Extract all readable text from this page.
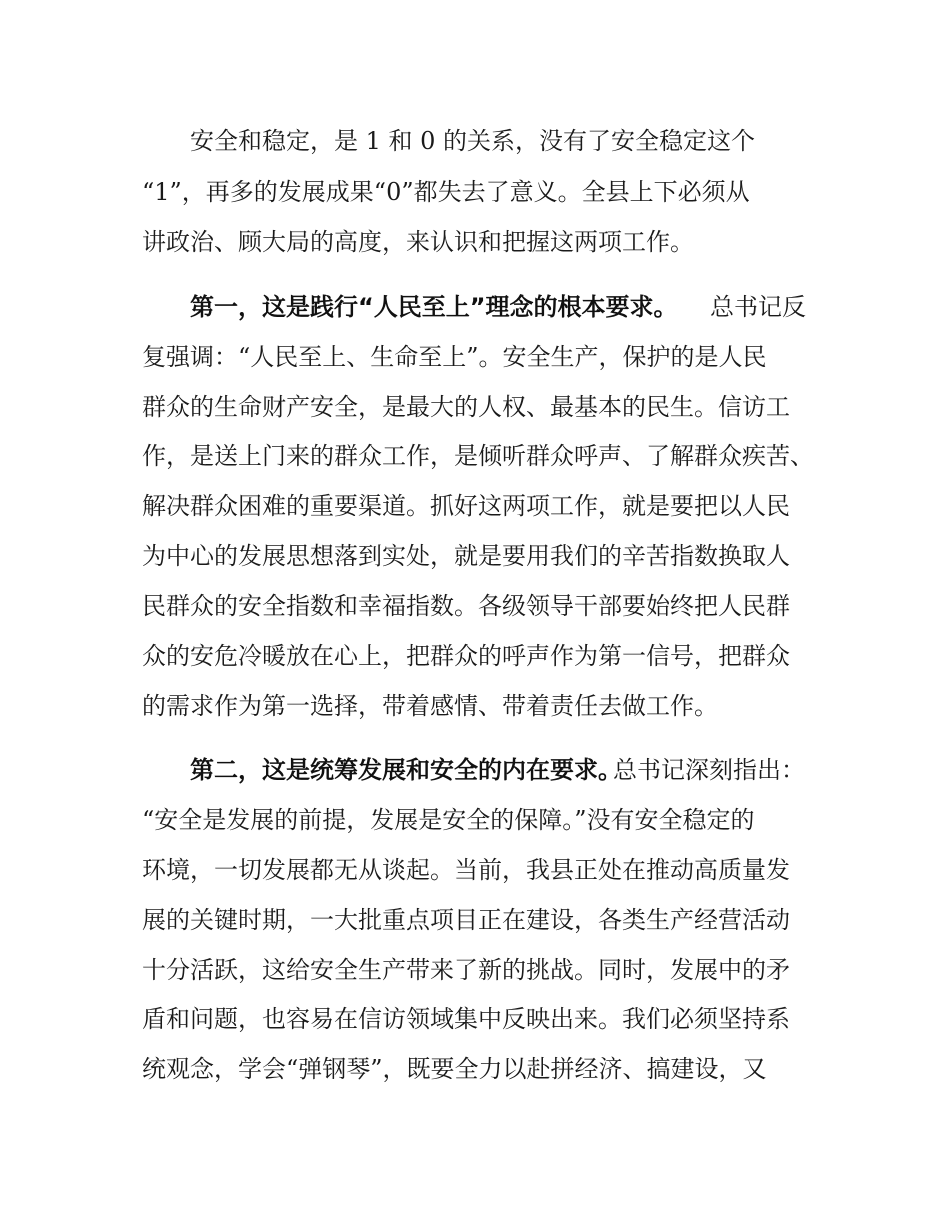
安全和稳定，是 1 和 0 的关系，没有了安全稳定这个

“1”，再多的发展成果“0”都失去了意义。全县上下必须从

讲政治、顾大局的高度，来认识和把握这两项工作。

第一，这是践行“人民至上”理念的根本要求。

总书记反

复强调：“人民至上、生命至上”。安全生产，保护的是人民

群众的生命财产安全，是最大的人权、最基本的民生。信访工

作，是送上门来的群众工作，是倾听群众呼声、了解群众疾苦、

解决群众困难的重要渠道。抓好这两项工作，就是要把以人民

为中心的发展思想落到实处，就是要用我们的辛苦指数换取人

民群众的安全指数和幸福指数。各级领导干部要始终把人民群

众的安危冷暖放在心上，把群众的呼声作为第一信号，把群众

的需求作为第一选择，带着感情、带着责任去做工作。

第二，这是统筹发展和安全的内在要求。

总书记深刻指出：

“安全是发展的前提，发展是安全的保障。”没有安全稳定的

环境，一切发展都无从谈起。当前，我县正处在推动高质量发

展的关键时期，一大批重点项目正在建设，各类生产经营活动

十分活跃，这给安全生产带来了新的挑战。同时，发展中的矛

盾和问题，也容易在信访领域集中反映出来。我们必须坚持系

统观念，学会“弹钢琴”，既要全力以赴拼经济、搞建设，又
